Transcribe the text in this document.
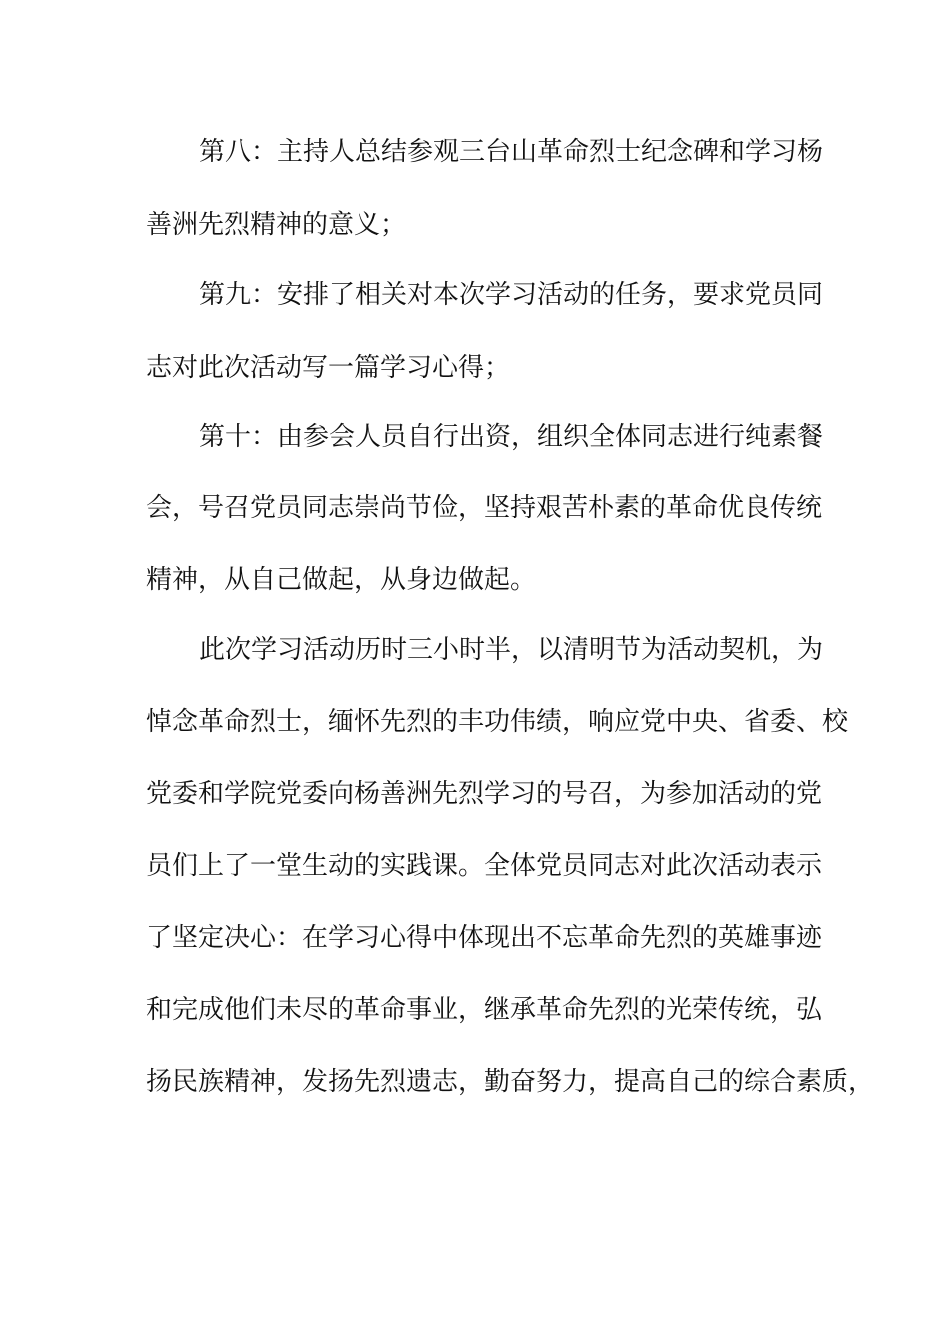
第八：主持人总结参观三台山革命烈士纪念碑和学习杨
善洲先烈精神的意义；
第九：安排了相关对本次学习活动的任务，要求党员同
志对此次活动写一篇学习心得；
第十：由参会人员自行出资，组织全体同志进行纯素餐
会，号召党员同志崇尚节俭，坚持艰苦朴素的革命优良传统
精神，从自己做起，从身边做起。
此次学习活动历时三小时半，以清明节为活动契机，为
悼念革命烈士，缅怀先烈的丰功伟绩，响应党中央、省委、校
党委和学院党委向杨善洲先烈学习的号召，为参加活动的党
员们上了一堂生动的实践课。全体党员同志对此次活动表示
了坚定决心：在学习心得中体现出不忘革命先烈的英雄事迹
和完成他们未尽的革命事业，继承革命先烈的光荣传统，弘
扬民族精神，发扬先烈遗志，勤奋努力，提高自己的综合素质，
